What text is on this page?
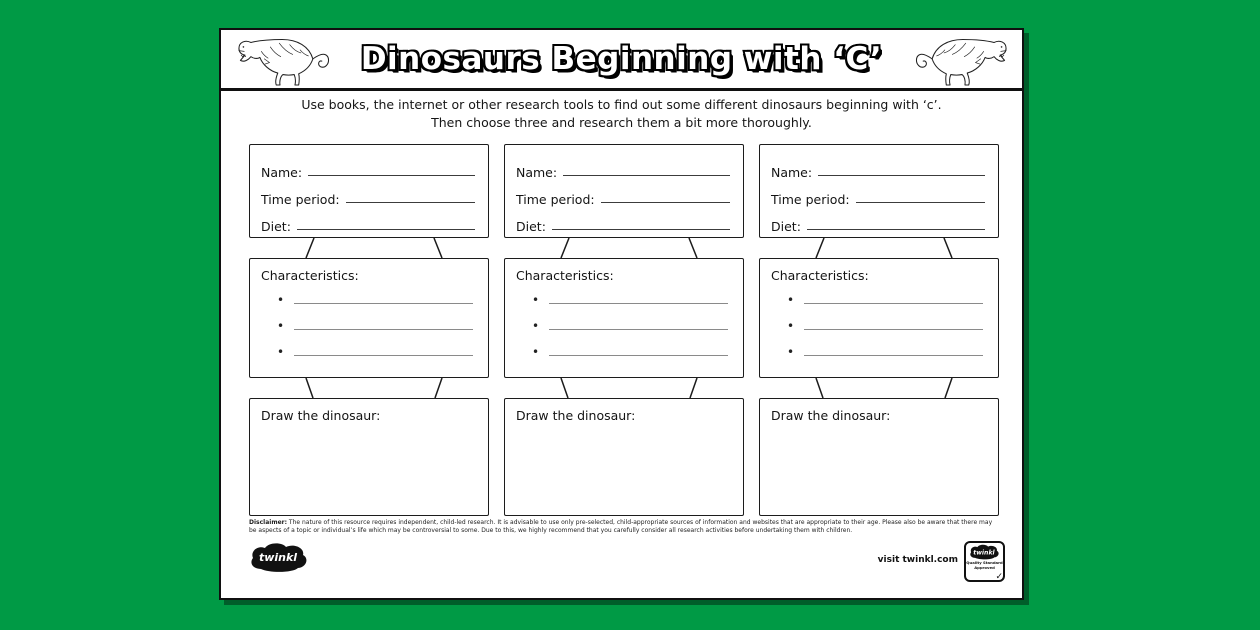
Dinosaurs Beginning with ‘C’
Use books, the internet or other research tools to find out some different dinosaurs beginning with ‘c’.
Then choose three and research them a bit more thoroughly.
Name:
Time period:
Diet:
Characteristics:
•
•
•
Draw the dinosaur:
Name:
Time period:
Diet:
Characteristics:
•
•
•
Draw the dinosaur:
Name:
Time period:
Diet:
Characteristics:
•
•
•
Draw the dinosaur:
Disclaimer: The nature of this resource requires independent, child-led research. It is advisable to use only pre-selected, child-appropriate sources of information and websites that are appropriate to their age. Please also be aware that there may be aspects of a topic or individual’s life which may be controversial to some. Due to this, we highly recommend that you carefully consider all research activities before undertaking them with children.
twinkl	visit twinkl.com
twinkl
Quality Standard
Approved
✓
